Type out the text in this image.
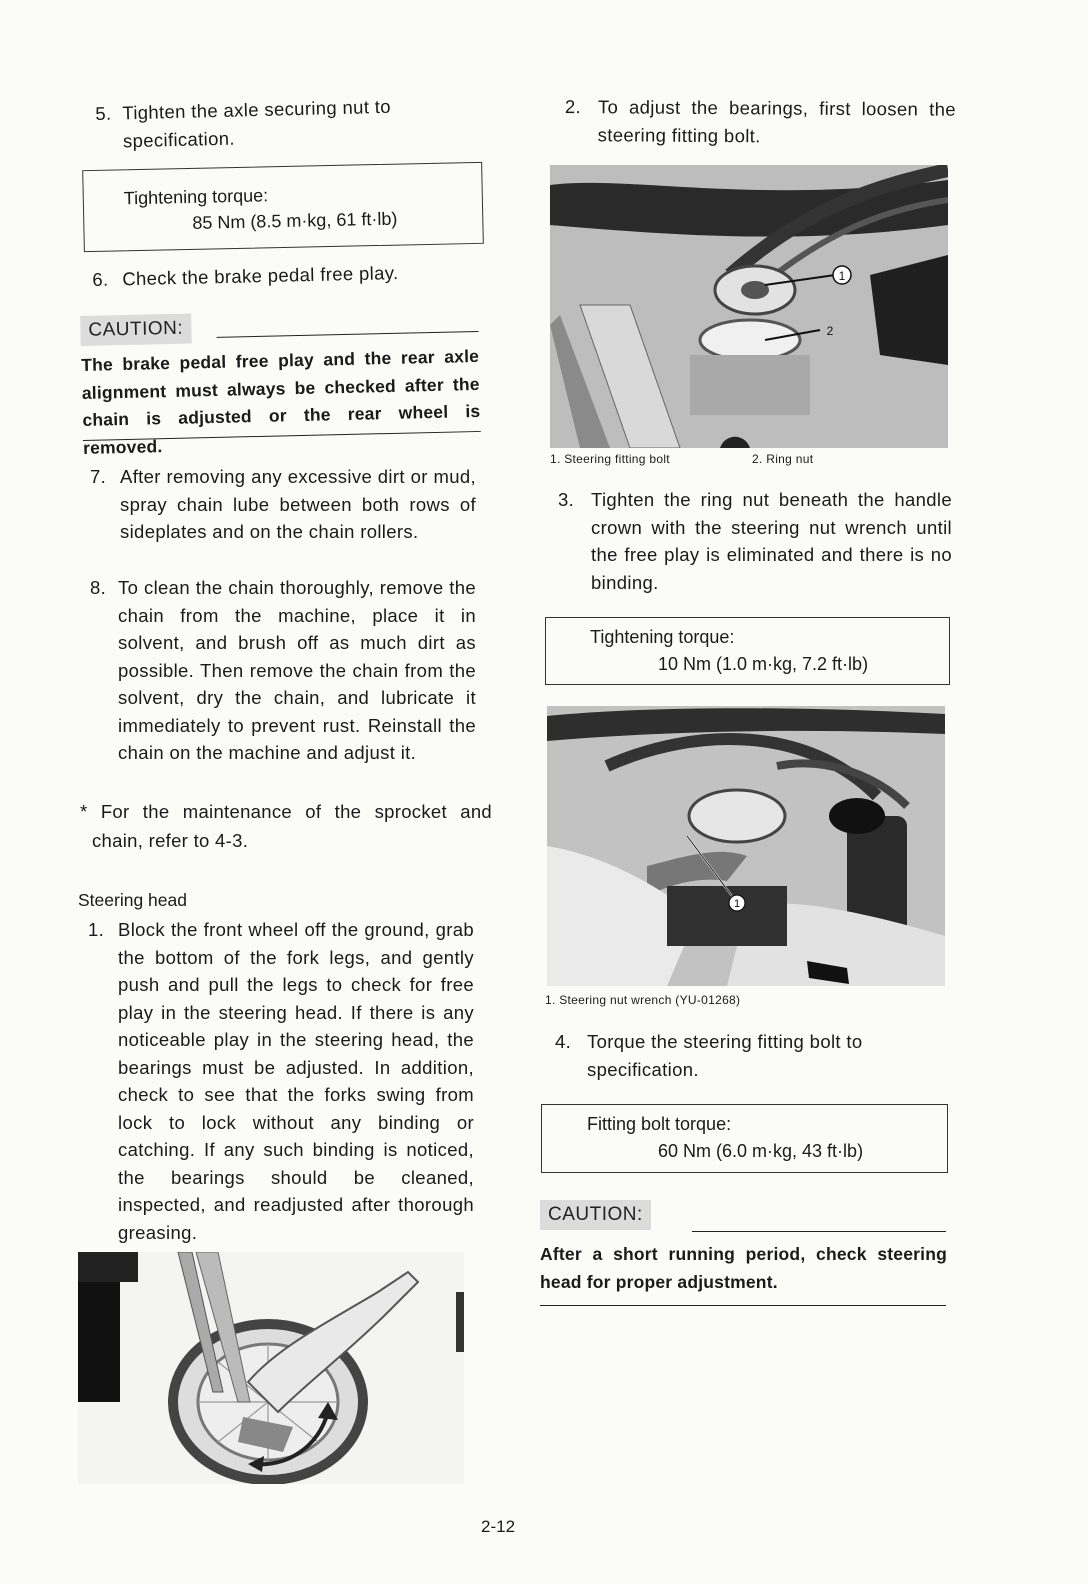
5. Tighten the axle securing nut to specification.
Tightening torque:
85 Nm (8.5 m·kg, 61 ft·lb)
6. Check the brake pedal free play.
CAUTION:
The brake pedal free play and the rear axle alignment must always be checked after the chain is adjusted or the rear wheel is removed.
7. After removing any excessive dirt or mud, spray chain lube between both rows of sideplates and on the chain rollers.
8. To clean the chain thoroughly, remove the chain from the machine, place it in solvent, and brush off as much dirt as possible. Then remove the chain from the solvent, dry the chain, and lubricate it immediately to prevent rust. Reinstall the chain on the machine and adjust it.
* For the maintenance of the sprocket and chain, refer to 4-3.
Steering head
1. Block the front wheel off the ground, grab the bottom of the fork legs, and gently push and pull the legs to check for free play in the steering head. If there is any noticeable play in the steering head, the bearings must be adjusted. In addition, check to see that the forks swing from lock to lock without any binding or catching. If any such binding is noticed, the bearings should be cleaned, inspected, and readjusted after thorough greasing.
2. To adjust the bearings, first loosen the steering fitting bolt.
1
2
1. Steering fitting bolt	2. Ring nut
3. Tighten the ring nut beneath the handle crown with the steering nut wrench until the free play is eliminated and there is no binding.
Tightening torque:
10 Nm (1.0 m·kg, 7.2 ft·lb)
1
1. Steering nut wrench (YU-01268)
4. Torque the steering fitting bolt to specification.
Fitting bolt torque:
60 Nm (6.0 m·kg, 43 ft·lb)
CAUTION:
After a short running period, check steering head for proper adjustment.
2-12
